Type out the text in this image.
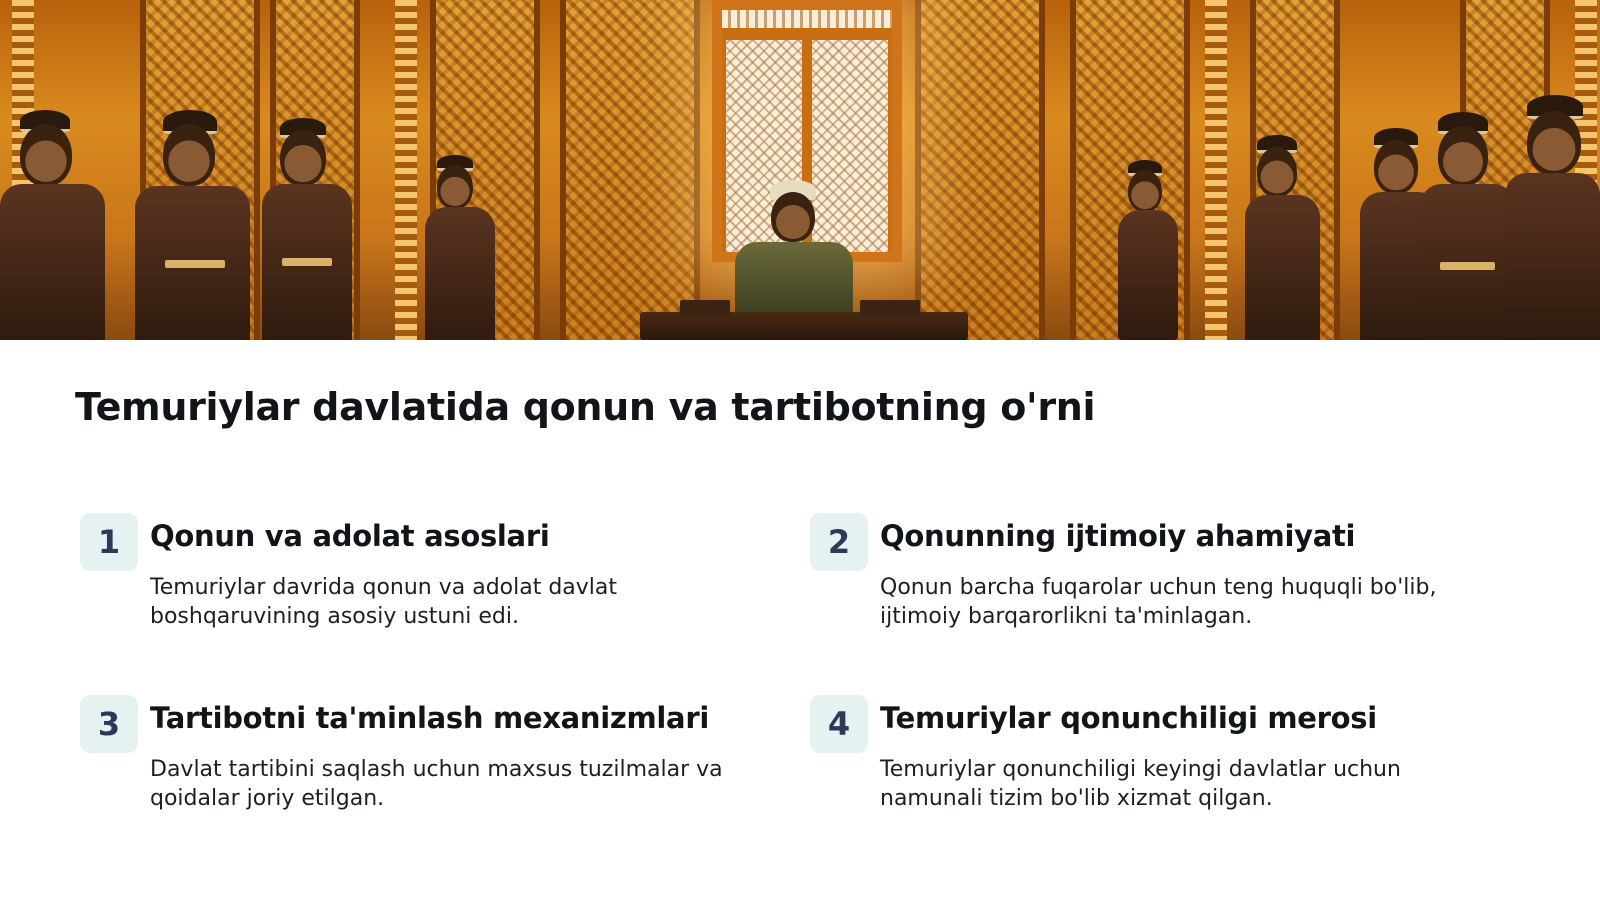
Temuriylar davlatida qonun va tartibotning o'rni
1	Qonun va adolat asoslari
Temuriylar davrida qonun va adolat davlat boshqaruvining asosiy ustuni edi.
2	Qonunning ijtimoiy ahamiyati
Qonun barcha fuqarolar uchun teng huquqli bo'lib, ijtimoiy barqarorlikni ta'minlagan.
3	Tartibotni ta'minlash mexanizmlari
Davlat tartibini saqlash uchun maxsus tuzilmalar va qoidalar joriy etilgan.
4	Temuriylar qonunchiligi merosi
Temuriylar qonunchiligi keyingi davlatlar uchun namunali tizim bo'lib xizmat qilgan.
